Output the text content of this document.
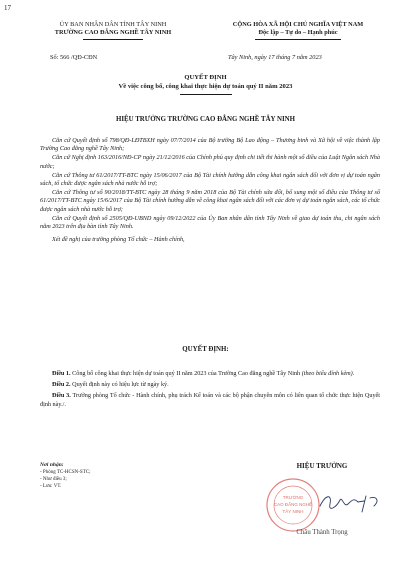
17
ỦY BAN NHÂN DÂN TỈNH TÂY NINH
TRƯỜNG CAO ĐẲNG NGHỀ TÂY NINH
CỘNG HÒA XÃ HỘI CHỦ NGHĨA VIỆT NAM
Độc lập – Tự do – Hạnh phúc
Số: 566 /QĐ-CĐN	Tây Ninh, ngày 17 tháng 7 năm 2023
QUYẾT ĐỊNH
Về việc công bố, công khai thực hiện dự toán quý II năm 2023
HIỆU TRƯỞNG TRƯỜNG CAO ĐẲNG NGHỀ TÂY NINH
Căn cứ Quyết định số 798/QĐ-LĐTBXH ngày 07/7/2014 của Bộ trưởng Bộ Lao động – Thương binh và Xã hội về việc thành lập Trường Cao đẳng nghề Tây Ninh;
Căn cứ Nghị định 163/2016/NĐ-CP ngày 21/12/2016 của Chính phủ quy định chi tiết thi hành một số điều của Luật Ngân sách Nhà nước;
Căn cứ Thông tư 61/2017/TT-BTC ngày 15/06/2017 của Bộ Tài chính hướng dẫn công khai ngân sách đối với đơn vị dự toán ngân sách, tổ chức được ngân sách nhà nước hỗ trợ;
Căn cứ Thông tư số 90/2018/TT-BTC ngày 28 tháng 9 năm 2018 của Bộ Tài chính sửa đổi, bổ sung một số điều của Thông tư số 61/2017/TT-BTC ngày 15/6/2017 của Bộ Tài chính hướng dẫn về công khai ngân sách đối với các đơn vị dự toán ngân sách, các tổ chức được ngân sách nhà nước hỗ trợ;
Căn cứ Quyết định số 2505/QĐ-UBND ngày 09/12/2022 của Ủy Ban nhân dân tỉnh Tây Ninh về giao dự toán thu, chi ngân sách năm 2023 trên địa bàn tỉnh Tây Ninh.
Xét đề nghị của trưởng phòng Tổ chức – Hành chính,
QUYẾT ĐỊNH:
Điều 1. Công bố công khai thực hiện dự toán quý II năm 2023 của Trường Cao đẳng nghề Tây Ninh (theo biểu đính kèm).
Điều 2. Quyết định này có hiệu lực từ ngày ký.
Điều 3. Trưởng phòng Tổ chức - Hành chính, phụ trách Kế toán và các bộ phận chuyên môn có liên quan tổ chức thực hiện Quyết định này./.
Nơi nhận:
- Phòng TC-HCSN-STC;
- Như điều 3;
- Lưu: VT.
HIỆU TRƯỞNG
TRƯỜNG
CAO ĐẲNG NGHỀ
TÂY NINH
Châu Thành Trọng
